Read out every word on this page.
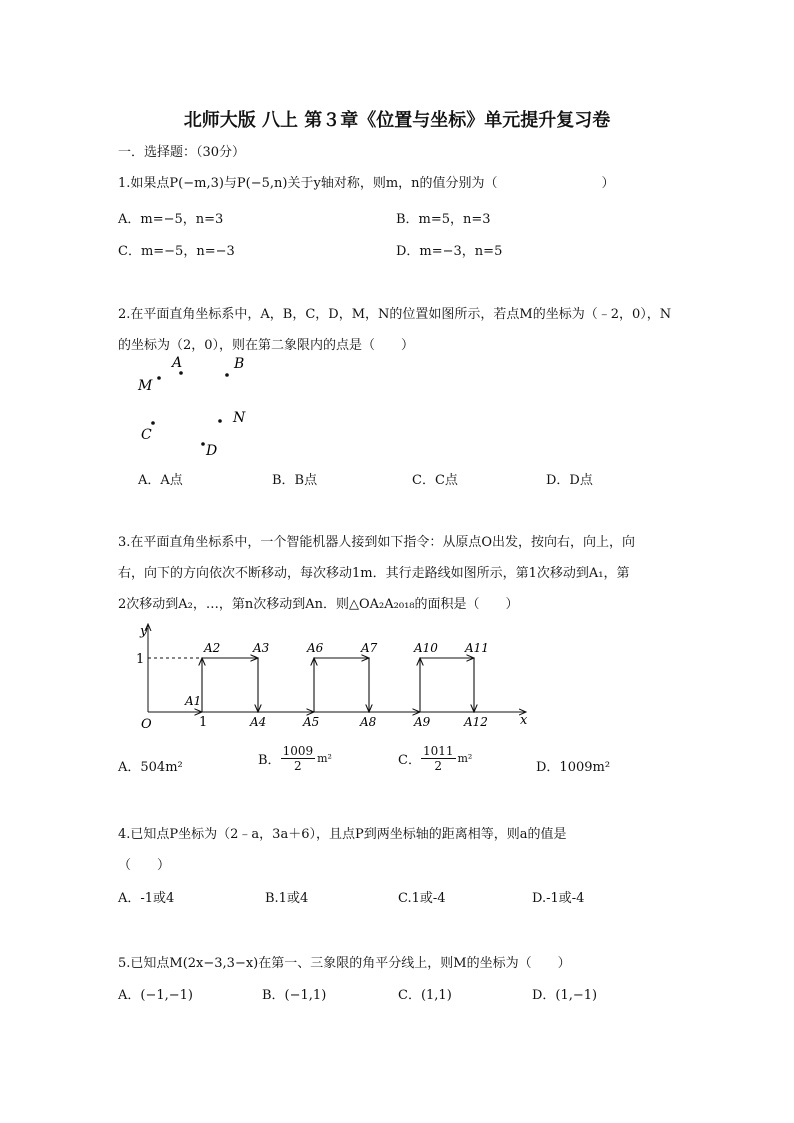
北师大版 八上 第３章《位置与坐标》单元提升复习卷
一．选择题：（30分）
1.如果点P(−m,3)与P(−5,n)关于y轴对称，则m，n的值分别为（　　　　　　　　）
A．m=−5，n=3	B．m=5，n=3
C．m=−5，n=−3	D．m=−3，n=5
2.在平面直角坐标系中，A，B，C，D，M，N的位置如图所示，若点M的坐标为（﹣2，0），N
的坐标为（2，0），则在第二象限内的点是（　　）
M
A	B
C
N
D
A．A点	B．B点	C．C点	D．D点
3.在平面直角坐标系中，一个智能机器人接到如下指令：从原点O出发，按向右，向上，向
右，向下的方向依次不断移动，每次移动1m．其行走路线如图所示，第1次移动到A₁，第
2次移动到A₂，…，第n次移动到An．则△OA₂A₂₀₁₈的面积是（　　）
y
x
O
1
1
A2	A3	A6	A7	A10 A11
A1
A4	A5	A8	A9	A12
A．504m²	B． $\frac{1009}{2} m^2$	C． $\frac{1011}{2} m^2$
D．1009m²
4.已知点P坐标为（2﹣a，3a＋6），且点P到两坐标轴的距离相等，则a的值是
（　　）
A．-1或4	B.1或4	C.1或-4	D.-1或-4
5.已知点M(2x−3,3−x)在第一、三象限的角平分线上，则M的坐标为（　　）
A．(−1,−1)	B．(−1,1)	C．(1,1)	D．(1,−1)
